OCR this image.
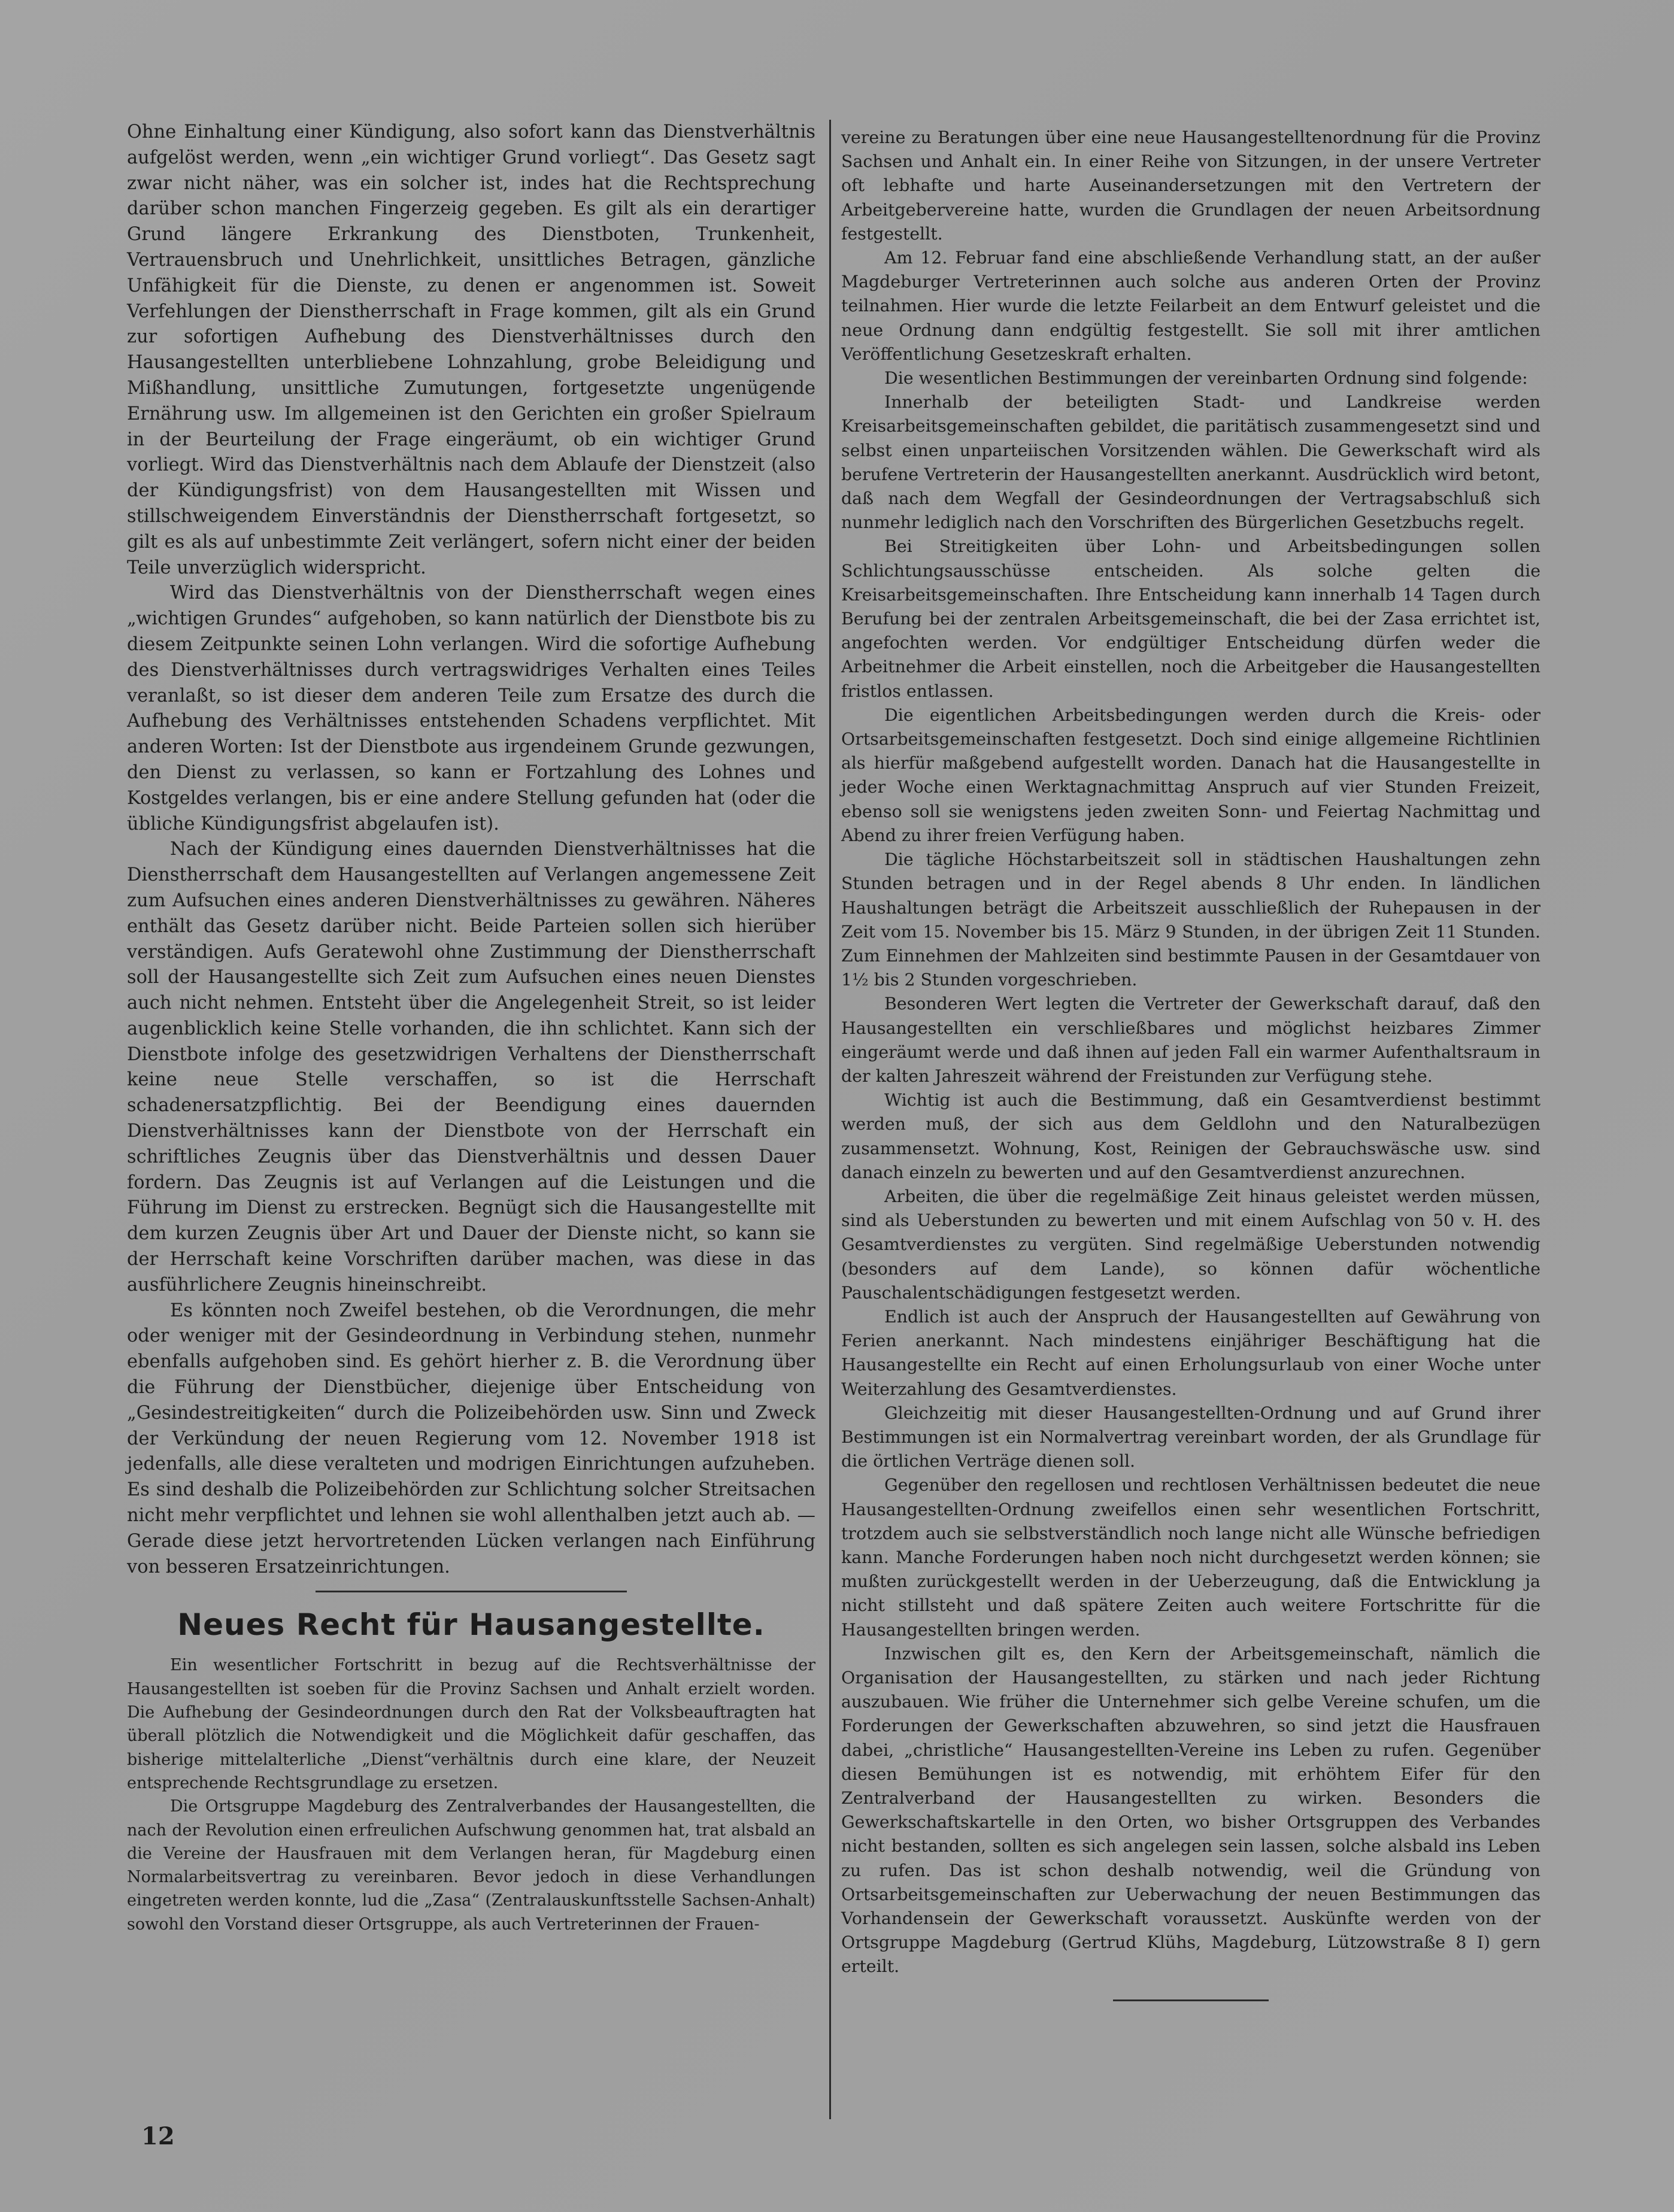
Ohne Einhaltung einer Kündigung, also sofort kann das Dienstverhältnis aufgelöst werden, wenn „ein wichtiger Grund vorliegt“. Das Gesetz sagt zwar nicht näher, was ein solcher ist, indes hat die Rechtsprechung darüber schon manchen Fingerzeig gegeben. Es gilt als ein derartiger Grund längere Erkrankung des Dienstboten, Trunkenheit, Vertrauensbruch und Unehrlichkeit, unsittliches Betragen, gänzliche Unfähigkeit für die Dienste, zu denen er angenommen ist. Soweit Verfehlungen der Dienstherrschaft in Frage kommen, gilt als ein Grund zur sofortigen Aufhebung des Dienstverhältnisses durch den Hausangestellten unterbliebene Lohnzahlung, grobe Beleidigung und Mißhandlung, unsittliche Zumutungen, fortgesetzte ungenügende Ernährung usw. Im allgemeinen ist den Gerichten ein großer Spielraum in der Beurteilung der Frage eingeräumt, ob ein wichtiger Grund vorliegt. Wird das Dienstverhältnis nach dem Ablaufe der Dienstzeit (also der Kündigungsfrist) von dem Hausangestellten mit Wissen und stillschweigendem Einverständnis der Dienstherrschaft fortgesetzt, so gilt es als auf unbestimmte Zeit verlängert, sofern nicht einer der beiden Teile unverzüglich widerspricht.

Wird das Dienstverhältnis von der Dienstherrschaft wegen eines „wichtigen Grundes“ aufgehoben, so kann natürlich der Dienstbote bis zu diesem Zeitpunkte seinen Lohn verlangen. Wird die sofortige Aufhebung des Dienstverhältnisses durch vertragswidriges Verhalten eines Teiles veranlaßt, so ist dieser dem anderen Teile zum Ersatze des durch die Aufhebung des Verhältnisses entstehenden Schadens verpflichtet. Mit anderen Worten: Ist der Dienstbote aus irgendeinem Grunde gezwungen, den Dienst zu verlassen, so kann er Fortzahlung des Lohnes und Kostgeldes verlangen, bis er eine andere Stellung gefunden hat (oder die übliche Kündigungsfrist abgelaufen ist).

Nach der Kündigung eines dauernden Dienstverhältnisses hat die Dienstherrschaft dem Hausangestellten auf Verlangen angemessene Zeit zum Aufsuchen eines anderen Dienstverhältnisses zu gewähren. Näheres enthält das Gesetz darüber nicht. Beide Parteien sollen sich hierüber verständigen. Aufs Geratewohl ohne Zustimmung der Dienstherrschaft soll der Hausangestellte sich Zeit zum Aufsuchen eines neuen Dienstes auch nicht nehmen. Entsteht über die Angelegenheit Streit, so ist leider augenblicklich keine Stelle vorhanden, die ihn schlichtet. Kann sich der Dienstbote infolge des gesetzwidrigen Verhaltens der Dienstherrschaft keine neue Stelle verschaffen, so ist die Herrschaft schadenersatzpflichtig. Bei der Beendigung eines dauernden Dienstverhältnisses kann der Dienstbote von der Herrschaft ein schriftliches Zeugnis über das Dienstverhältnis und dessen Dauer fordern. Das Zeugnis ist auf Verlangen auf die Leistungen und die Führung im Dienst zu erstrecken. Begnügt sich die Hausangestellte mit dem kurzen Zeugnis über Art und Dauer der Dienste nicht, so kann sie der Herrschaft keine Vorschriften darüber machen, was diese in das ausführlichere Zeugnis hineinschreibt.

Es könnten noch Zweifel bestehen, ob die Verordnungen, die mehr oder weniger mit der Gesindeordnung in Verbindung stehen, nunmehr ebenfalls aufgehoben sind. Es gehört hierher z. B. die Verordnung über die Führung der Dienstbücher, diejenige über Entscheidung von „Gesindestreitigkeiten“ durch die Polizeibehörden usw. Sinn und Zweck der Verkündung der neuen Regierung vom 12. November 1918 ist jedenfalls, alle diese veralteten und modrigen Einrichtungen aufzuheben. Es sind deshalb die Polizeibehörden zur Schlichtung solcher Streitsachen nicht mehr verpflichtet und lehnen sie wohl allenthalben jetzt auch ab. — Gerade diese jetzt hervortretenden Lücken verlangen nach Einführung von besseren Ersatzeinrichtungen.

Neues Recht für Hausangestellte.

Ein wesentlicher Fortschritt in bezug auf die Rechtsverhältnisse der Hausangestellten ist soeben für die Provinz Sachsen und Anhalt erzielt worden. Die Aufhebung der Gesindeordnungen durch den Rat der Volksbeauftragten hat überall plötzlich die Notwendigkeit und die Möglichkeit dafür geschaffen, das bisherige mittelalterliche „Dienst“verhältnis durch eine klare, der Neuzeit entsprechende Rechtsgrundlage zu ersetzen.

Die Ortsgruppe Magdeburg des Zentralverbandes der Hausangestellten, die nach der Revolution einen erfreulichen Aufschwung genommen hat, trat alsbald an die Vereine der Hausfrauen mit dem Verlangen heran, für Magdeburg einen Normalarbeitsvertrag zu vereinbaren. Bevor jedoch in diese Verhandlungen eingetreten werden konnte, lud die „Zasa“ (Zentralauskunftsstelle Sachsen-Anhalt) sowohl den Vorstand dieser Ortsgruppe, als auch Vertreterinnen der Frauen-

vereine zu Beratungen über eine neue Hausangestelltenordnung für die Provinz Sachsen und Anhalt ein. In einer Reihe von Sitzungen, in der unsere Vertreter oft lebhafte und harte Auseinandersetzungen mit den Vertretern der Arbeitgebervereine hatte, wurden die Grundlagen der neuen Arbeitsordnung festgestellt.

Am 12. Februar fand eine abschließende Verhandlung statt, an der außer Magdeburger Vertreterinnen auch solche aus anderen Orten der Provinz teilnahmen. Hier wurde die letzte Feilarbeit an dem Entwurf geleistet und die neue Ordnung dann endgültig festgestellt. Sie soll mit ihrer amtlichen Veröffentlichung Gesetzeskraft erhalten.

Die wesentlichen Bestimmungen der vereinbarten Ordnung sind folgende:

Innerhalb der beteiligten Stadt- und Landkreise werden Kreisarbeitsgemeinschaften gebildet, die paritätisch zusammengesetzt sind und selbst einen unparteiischen Vorsitzenden wählen. Die Gewerkschaft wird als berufene Vertreterin der Hausangestellten anerkannt. Ausdrücklich wird betont, daß nach dem Wegfall der Gesindeordnungen der Vertragsabschluß sich nunmehr lediglich nach den Vorschriften des Bürgerlichen Gesetzbuchs regelt.

Bei Streitigkeiten über Lohn- und Arbeitsbedingungen sollen Schlichtungsausschüsse entscheiden. Als solche gelten die Kreisarbeitsgemeinschaften. Ihre Entscheidung kann innerhalb 14 Tagen durch Berufung bei der zentralen Arbeitsgemeinschaft, die bei der Zasa errichtet ist, angefochten werden. Vor endgültiger Entscheidung dürfen weder die Arbeitnehmer die Arbeit einstellen, noch die Arbeitgeber die Hausangestellten fristlos entlassen.

Die eigentlichen Arbeitsbedingungen werden durch die Kreis- oder Ortsarbeitsgemeinschaften festgesetzt. Doch sind einige allgemeine Richtlinien als hierfür maßgebend aufgestellt worden. Danach hat die Hausangestellte in jeder Woche einen Werktagnachmittag Anspruch auf vier Stunden Freizeit, ebenso soll sie wenigstens jeden zweiten Sonn- und Feiertag Nachmittag und Abend zu ihrer freien Verfügung haben.

Die tägliche Höchstarbeitszeit soll in städtischen Haushaltungen zehn Stunden betragen und in der Regel abends 8 Uhr enden. In ländlichen Haushaltungen beträgt die Arbeitszeit ausschließlich der Ruhepausen in der Zeit vom 15. November bis 15. März 9 Stunden, in der übrigen Zeit 11 Stunden. Zum Einnehmen der Mahlzeiten sind bestimmte Pausen in der Gesamtdauer von 1½ bis 2 Stunden vorgeschrieben.

Besonderen Wert legten die Vertreter der Gewerkschaft darauf, daß den Hausangestellten ein verschließbares und möglichst heizbares Zimmer eingeräumt werde und daß ihnen auf jeden Fall ein warmer Aufenthaltsraum in der kalten Jahreszeit während der Freistunden zur Verfügung stehe.

Wichtig ist auch die Bestimmung, daß ein Gesamtverdienst bestimmt werden muß, der sich aus dem Geldlohn und den Naturalbezügen zusammensetzt. Wohnung, Kost, Reinigen der Gebrauchswäsche usw. sind danach einzeln zu bewerten und auf den Gesamtverdienst anzurechnen.

Arbeiten, die über die regelmäßige Zeit hinaus geleistet werden müssen, sind als Ueberstunden zu bewerten und mit einem Aufschlag von 50 v. H. des Gesamtverdienstes zu vergüten. Sind regelmäßige Ueberstunden notwendig (besonders auf dem Lande), so können dafür wöchentliche Pauschalentschädigungen festgesetzt werden.

Endlich ist auch der Anspruch der Hausangestellten auf Gewährung von Ferien anerkannt. Nach mindestens einjähriger Beschäftigung hat die Hausangestellte ein Recht auf einen Erholungsurlaub von einer Woche unter Weiterzahlung des Gesamtverdienstes.

Gleichzeitig mit dieser Hausangestellten-Ordnung und auf Grund ihrer Bestimmungen ist ein Normalvertrag vereinbart worden, der als Grundlage für die örtlichen Verträge dienen soll.

Gegenüber den regellosen und rechtlosen Verhältnissen bedeutet die neue Hausangestellten-Ordnung zweifellos einen sehr wesentlichen Fortschritt, trotzdem auch sie selbstverständlich noch lange nicht alle Wünsche befriedigen kann. Manche Forderungen haben noch nicht durchgesetzt werden können; sie mußten zurückgestellt werden in der Ueberzeugung, daß die Entwicklung ja nicht stillsteht und daß spätere Zeiten auch weitere Fortschritte für die Hausangestellten bringen werden.

Inzwischen gilt es, den Kern der Arbeitsgemeinschaft, nämlich die Organisation der Hausangestellten, zu stärken und nach jeder Richtung auszubauen. Wie früher die Unternehmer sich gelbe Vereine schufen, um die Forderungen der Gewerkschaften abzuwehren, so sind jetzt die Hausfrauen dabei, „christliche“ Hausangestellten-Vereine ins Leben zu rufen. Gegenüber diesen Bemühungen ist es notwendig, mit erhöhtem Eifer für den Zentralverband der Hausangestellten zu wirken. Besonders die Gewerkschaftskartelle in den Orten, wo bisher Ortsgruppen des Verbandes nicht bestanden, sollten es sich angelegen sein lassen, solche alsbald ins Leben zu rufen. Das ist schon deshalb notwendig, weil die Gründung von Ortsarbeitsgemeinschaften zur Ueberwachung der neuen Bestimmungen das Vorhandensein der Gewerkschaft voraussetzt. Auskünfte werden von der Ortsgruppe Magdeburg (Gertrud Klühs, Magdeburg, Lützowstraße 8 I) gern erteilt.

12
